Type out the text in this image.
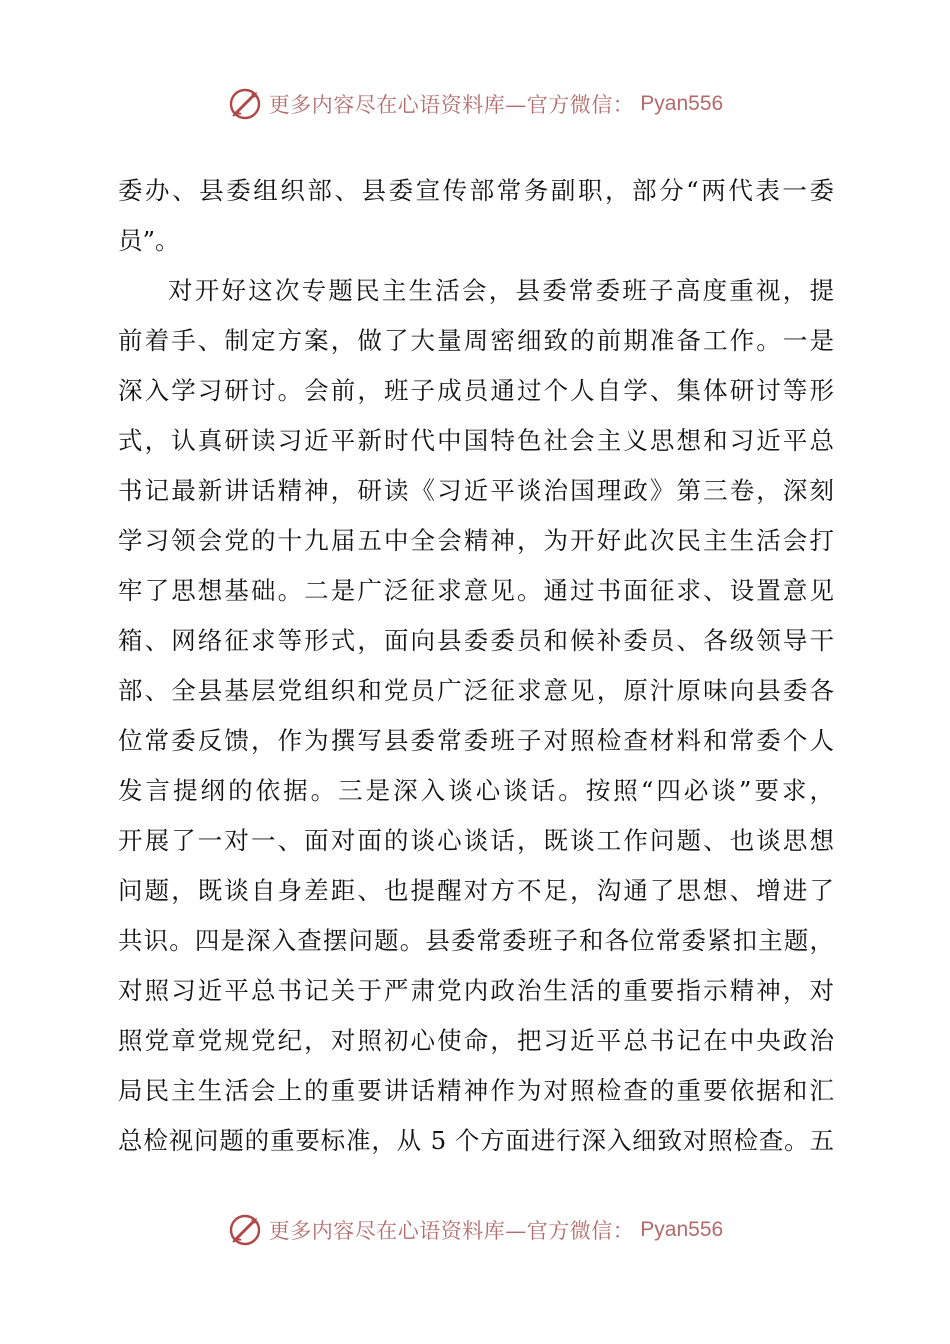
更多内容尽在心语资料库—官方微信： Pyan556
委办、县委组织部、县委宣传部常务副职，部分“两代表一委
员”。
对开好这次专题民主生活会，县委常委班子高度重视，提
前着手、制定方案，做了大量周密细致的前期准备工作。一是
深入学习研讨。会前，班子成员通过个人自学、集体研讨等形
式，认真研读习近平新时代中国特色社会主义思想和习近平总
书记最新讲话精神，研读《习近平谈治国理政》第三卷，深刻
学习领会党的十九届五中全会精神，为开好此次民主生活会打
牢了思想基础。二是广泛征求意见。通过书面征求、设置意见
箱、网络征求等形式，面向县委委员和候补委员、各级领导干
部、全县基层党组织和党员广泛征求意见，原汁原味向县委各
位常委反馈，作为撰写县委常委班子对照检查材料和常委个人
发言提纲的依据。三是深入谈心谈话。按照“四必谈”要求，
开展了一对一、面对面的谈心谈话，既谈工作问题、也谈思想
问题，既谈自身差距、也提醒对方不足，沟通了思想、增进了
共识。四是深入查摆问题。县委常委班子和各位常委紧扣主题，
对照习近平总书记关于严肃党内政治生活的重要指示精神，对
照党章党规党纪，对照初心使命，把习近平总书记在中央政治
局民主生活会上的重要讲话精神作为对照检查的重要依据和汇
总检视问题的重要标准，从 5 个方面进行深入细致对照检查。五
更多内容尽在心语资料库—官方微信： Pyan556
